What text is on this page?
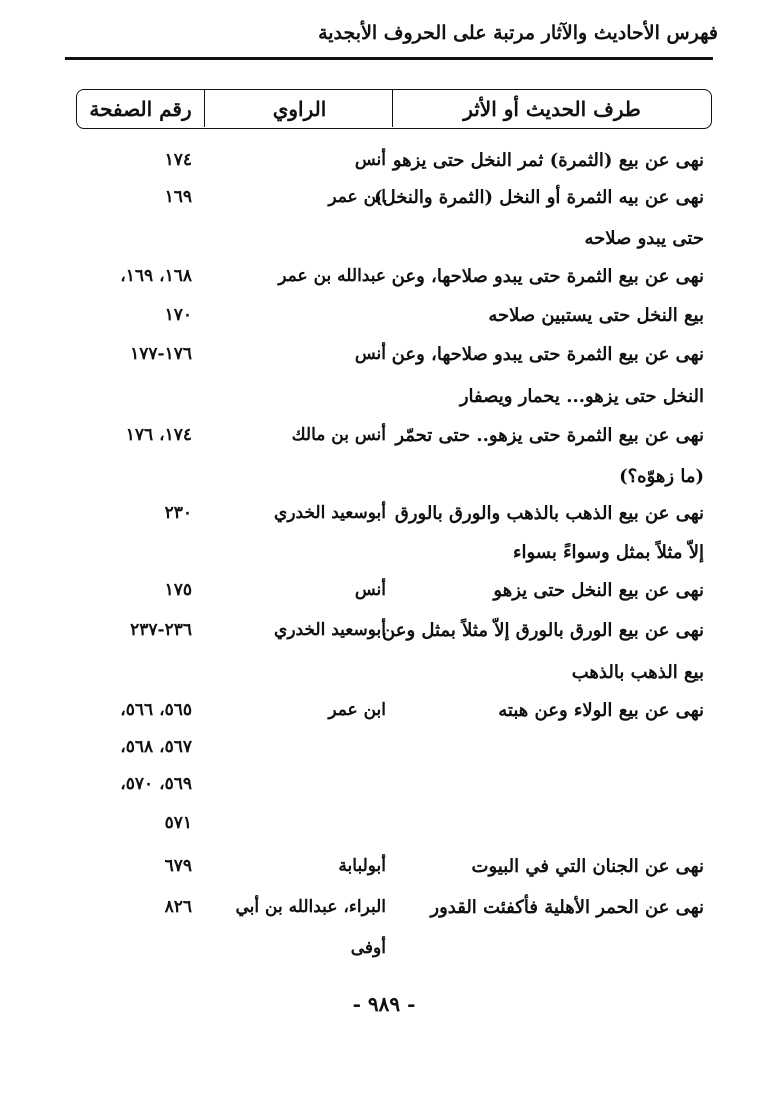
فهرس الأحاديث والآثار مرتبة على الحروف الأبجدية
طرف الحديث أو الأثر
الراوي
رقم الصفحة
نهى عن بيع (الثمرة) ثمر النخل حتى يزهو
أنس
١٧٤
نهى عن بيه الثمرة أو النخل (الثمرة والنخل)
ابن عمر
١٦٩
حتى يبدو صلاحه
نهى عن بيع الثمرة حتى يبدو صلاحها، وعن
عبدالله بن عمر
١٦٨، ١٦٩،
بيع النخل حتى يستبين صلاحه
١٧٠
نهى عن بيع الثمرة حتى يبدو صلاحها، وعن
أنس
١٧٦-١٧٧
النخل حتى يزهو... يحمار ويصفار
نهى عن بيع الثمرة حتى يزهو.. حتى تحمّر
أنس بن مالك
١٧٤، ١٧٦
(ما زهوّه؟)
نهى عن بيع الذهب بالذهب والورق بالورق
أبوسعيد الخدري
٢٣٠
إلاّ مثلاً بمثل وسواءً بسواء
نهى عن بيع النخل حتى يزهو
أنس
١٧٥
نهى عن بيع الورق بالورق إلاّ مثلاً بمثل وعن
أبوسعيد الخدري
٢٣٦-٢٣٧
بيع الذهب بالذهب
نهى عن بيع الولاء وعن هبته
ابن عمر
٥٦٥، ٥٦٦،
٥٦٧، ٥٦٨،
٥٦٩، ٥٧٠،
٥٧١
نهى عن الجنان التي في البيوت
أبولبابة
٦٧٩
نهى عن الحمر الأهلية فأكفئت القدور
البراء، عبدالله بن أبي
٨٢٦
أوفى
- ٩٨٩ -
